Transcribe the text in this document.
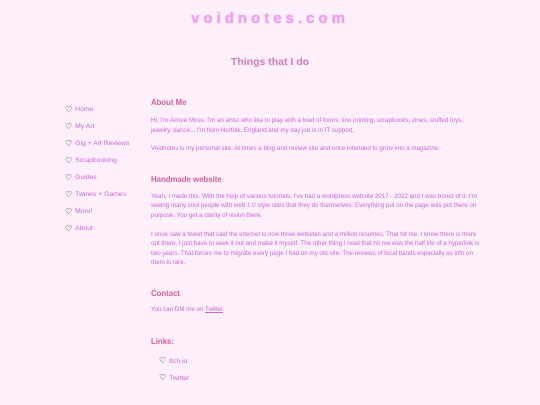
voidnotes.com
Things that I do
♡ Home
♡ My Art
♡ Gig + Art Reviews
♡ Scrapbooking
♡ Guides
♡ Twines + Games
♡ More!
♡ About
About Me

Hi, I'm Aimee Moss. I'm an artist who like to play with a load of forms: lino printing, scrapbooks, zines, stuffed toys, jewelry, dance... I'm from Norfolk, England and my day job is in IT support.

Voidnotes is my personal site. At times a blog and review site and once intended to grow into a magazine.

Handmade website

Yeah, I made this. With the help of various tutorials. I've had a wordpress website 2017 - 2022 and I was bored of it. I'm seeing many cool people with web 1.0 style sites that they do themselves. Everything put on the page was put there on purpose. You get a clarity of vision there.

I once saw a tweet that said the internet is now three websites and a million resumes. That hit me. I know there is more out there, I just have to seek it out and make it myself. The other thing I read that hit me was the half life of a hyperlink is two years. That forces me to migrate every page I had on my old site. The reviews of local bands especially as info on them is rare.

Contact

You can DM me on Twitter.

Links:
♡ Itch.io
♡ Twitter
